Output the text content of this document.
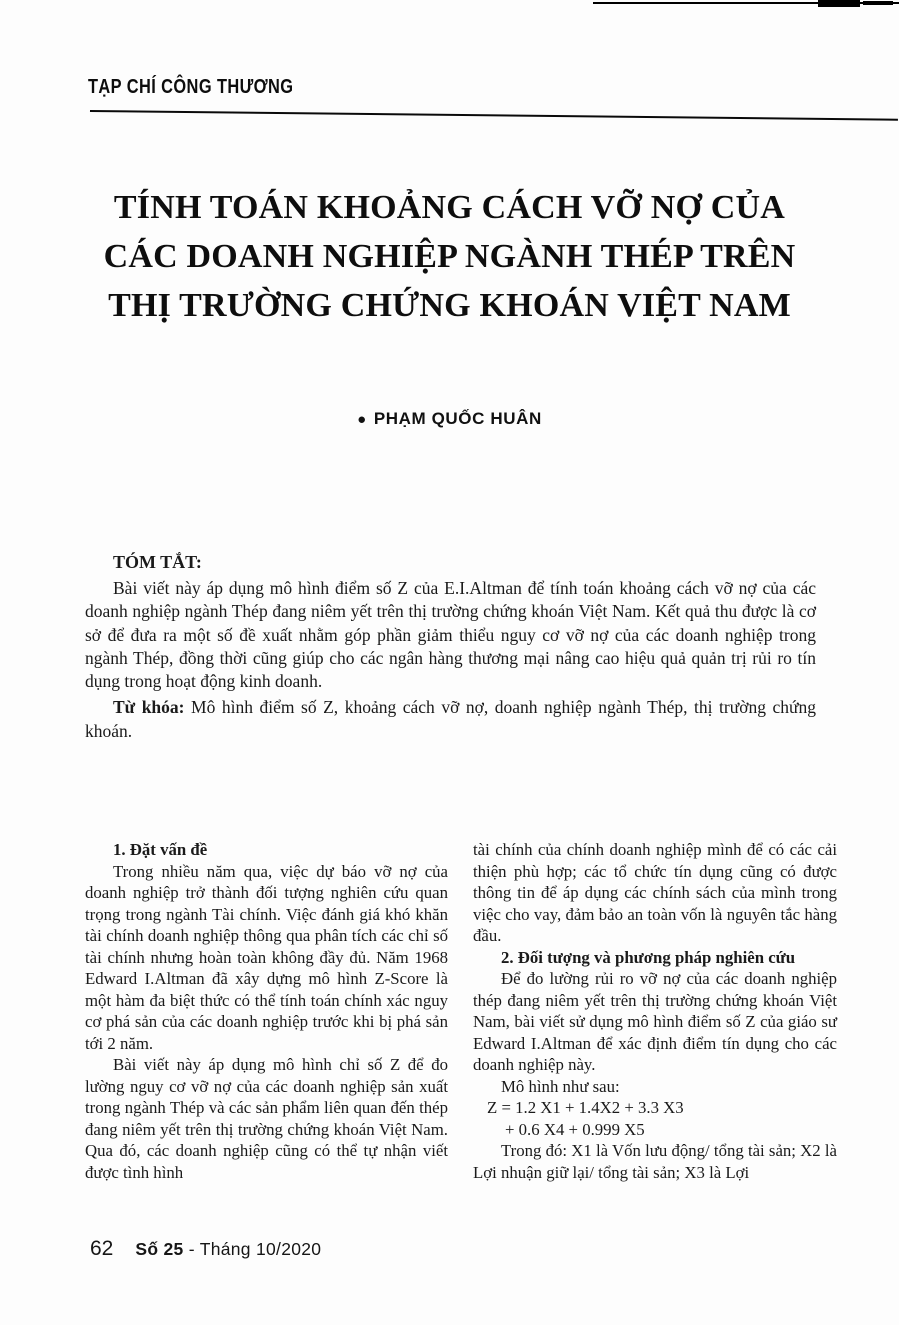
TẠP CHÍ CÔNG THƯƠNG
TÍNH TOÁN KHOẢNG CÁCH VỠ NỢ CỦA
CÁC DOANH NGHIỆP NGÀNH THÉP TRÊN
THỊ TRƯỜNG CHỨNG KHOÁN VIỆT NAM
● PHẠM QUỐC HUÂN
TÓM TẮT:

Bài viết này áp dụng mô hình điểm số Z của E.I.Altman để tính toán khoảng cách vỡ nợ của các doanh nghiệp ngành Thép đang niêm yết trên thị trường chứng khoán Việt Nam. Kết quả thu được là cơ sở để đưa ra một số đề xuất nhằm góp phần giảm thiểu nguy cơ vỡ nợ của các doanh nghiệp trong ngành Thép, đồng thời cũng giúp cho các ngân hàng thương mại nâng cao hiệu quả quản trị rủi ro tín dụng trong hoạt động kinh doanh.

Từ khóa: Mô hình điểm số Z, khoảng cách vỡ nợ, doanh nghiệp ngành Thép, thị trường chứng khoán.

1. Đặt vấn đề

Trong nhiều năm qua, việc dự báo vỡ nợ của doanh nghiệp trở thành đối tượng nghiên cứu quan trọng trong ngành Tài chính. Việc đánh giá khó khăn tài chính doanh nghiệp thông qua phân tích các chỉ số tài chính nhưng hoàn toàn không đầy đủ. Năm 1968 Edward I.Altman đã xây dựng mô hình Z-Score là một hàm đa biệt thức có thể tính toán chính xác nguy cơ phá sản của các doanh nghiệp trước khi bị phá sản tới 2 năm.

Bài viết này áp dụng mô hình chỉ số Z để đo lường nguy cơ vỡ nợ của các doanh nghiệp sản xuất trong ngành Thép và các sản phẩm liên quan đến thép đang niêm yết trên thị trường chứng khoán Việt Nam. Qua đó, các doanh nghiệp cũng có thể tự nhận viết được tình hình

tài chính của chính doanh nghiệp mình để có các cải thiện phù hợp; các tổ chức tín dụng cũng có được thông tin để áp dụng các chính sách của mình trong việc cho vay, đảm bảo an toàn vốn là nguyên tắc hàng đầu.

2. Đối tượng và phương pháp nghiên cứu

Để đo lường rủi ro vỡ nợ của các doanh nghiệp thép đang niêm yết trên thị trường chứng khoán Việt Nam, bài viết sử dụng mô hình điểm số Z của giáo sư Edward I.Altman để xác định điểm tín dụng cho các doanh nghiệp này.

Mô hình như sau:

Z = 1.2 X1 + 1.4X2 + 3.3 X3
+ 0.6 X4 + 0.999 X5

Trong đó: X1 là Vốn lưu động/ tổng tài sản; X2 là Lợi nhuận giữ lại/ tổng tài sản; X3 là Lợi

62 Số 25 - Tháng 10/2020
